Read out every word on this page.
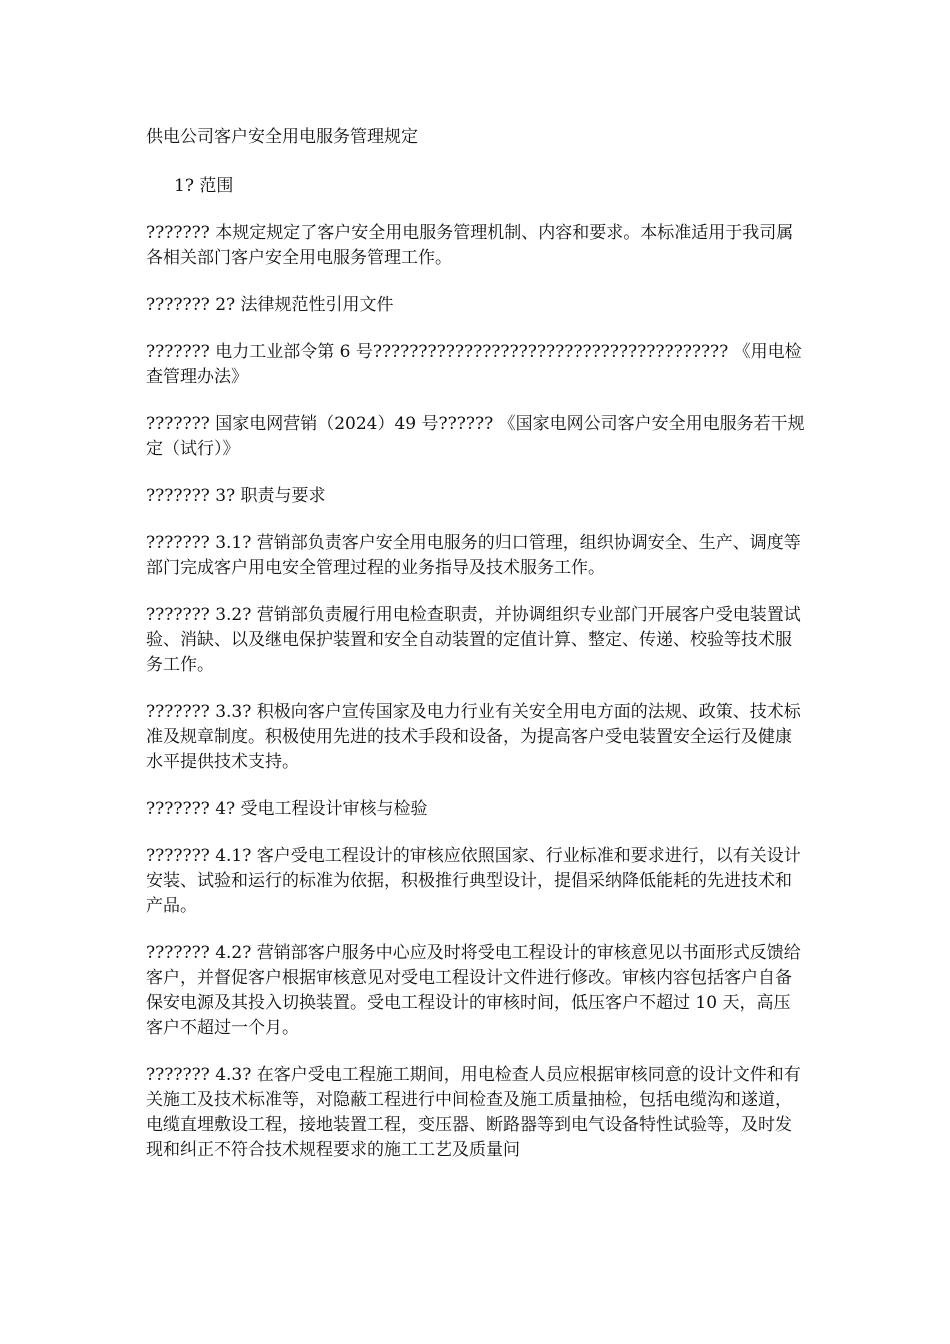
供电公司客户安全用电服务管理规定

1? 范围

??????? 本规定规定了客户安全用电服务管理机制、内容和要求。本标准适用于我司属各相关部门客户安全用电服务管理工作。

??????? 2? 法律规范性引用文件

??????? 电力工业部令第 6 号??????????????????????????????????????? 《用电检查管理办法》

??????? 国家电网营销（2024）49 号?????? 《国家电网公司客户安全用电服务若干规定（试行）》

??????? 3? 职责与要求

??????? 3.1? 营销部负责客户安全用电服务的归口管理，组织协调安全、生产、调度等部门完成客户用电安全管理过程的业务指导及技术服务工作。

??????? 3.2? 营销部负责履行用电检查职责，并协调组织专业部门开展客户受电装置试验、消缺、以及继电保护装置和安全自动装置的定值计算、整定、传递、校验等技术服务工作。

??????? 3.3? 积极向客户宣传国家及电力行业有关安全用电方面的法规、政策、技术标准及规章制度。积极使用先进的技术手段和设备，为提高客户受电装置安全运行及健康水平提供技术支持。

??????? 4? 受电工程设计审核与检验

??????? 4.1? 客户受电工程设计的审核应依照国家、行业标准和要求进行，以有关设计安装、试验和运行的标准为依据，积极推行典型设计，提倡采纳降低能耗的先进技术和产品。

??????? 4.2? 营销部客户服务中心应及时将受电工程设计的审核意见以书面形式反馈给客户，并督促客户根据审核意见对受电工程设计文件进行修改。审核内容包括客户自备保安电源及其投入切换装置。受电工程设计的审核时间，低压客户不超过 10 天，高压客户不超过一个月。

??????? 4.3? 在客户受电工程施工期间，用电检查人员应根据审核同意的设计文件和有关施工及技术标准等，对隐蔽工程进行中间检查及施工质量抽检，包括电缆沟和遂道，电缆直埋敷设工程，接地装置工程，变压器、断路器等到电气设备特性试验等，及时发现和纠正不符合技术规程要求的施工工艺及质量问
